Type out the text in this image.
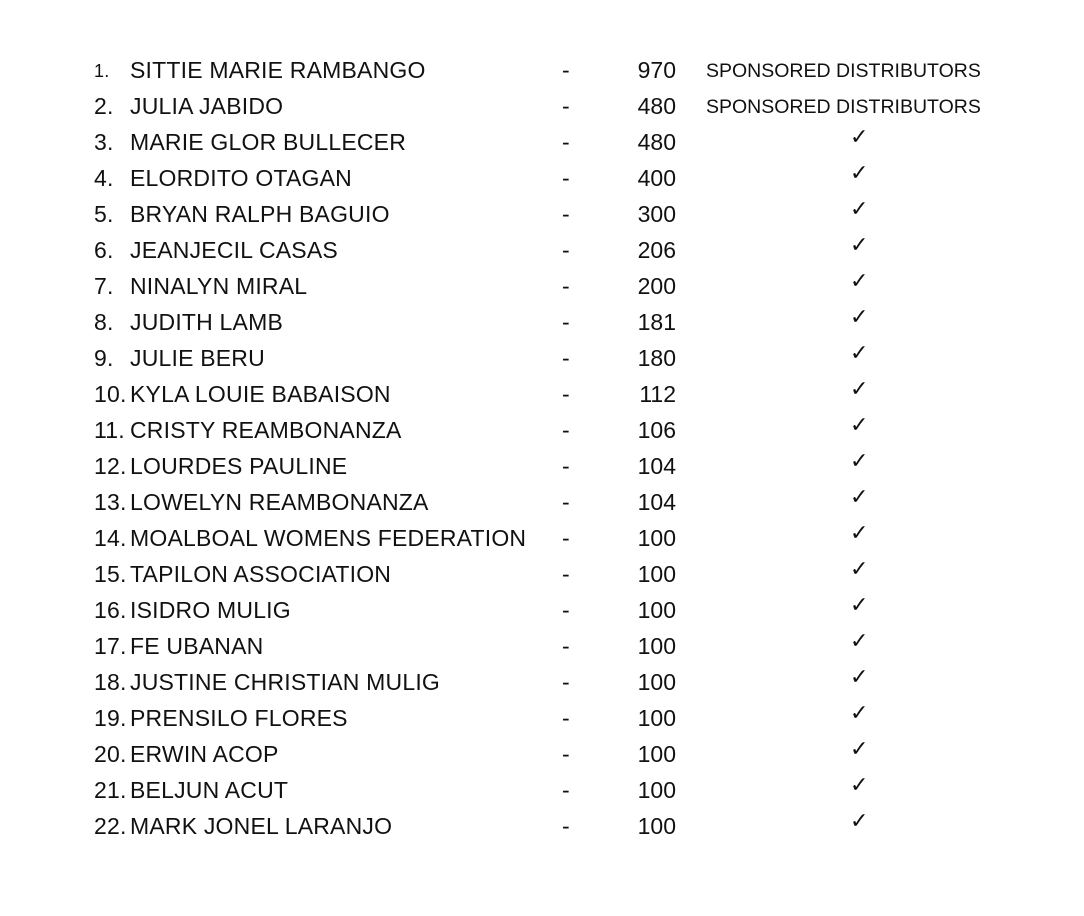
1. SITTIE MARIE RAMBANGO	-	970 SPONSORED DISTRIBUTORS
2. JULIA JABIDO	-	480 SPONSORED DISTRIBUTORS
3. MARIE GLOR BULLECER	-	480	✓
4. ELORDITO OTAGAN	-	400	✓
5. BRYAN RALPH BAGUIO	-	300	✓
6. JEANJECIL CASAS	-	206	✓
7. NINALYN MIRAL	-	200	✓
8. JUDITH LAMB	-	181	✓
9. JULIE BERU	-	180	✓
10. KYLA LOUIE BABAISON	-	112	✓
11. CRISTY REAMBONANZA	-	106	✓
12. LOURDES PAULINE	-	104	✓
13. LOWELYN REAMBONANZA	-	104	✓
14. MOALBOAL WOMENS FEDERATION -	100	✓
15. TAPILON ASSOCIATION	-	100	✓
16. ISIDRO MULIG	-	100	✓
17. FE UBANAN	-	100	✓
18. JUSTINE CHRISTIAN MULIG	-	100	✓
19. PRENSILO FLORES	-	100	✓
20. ERWIN ACOP	-	100	✓
21. BELJUN ACUT	-	100	✓
22. MARK JONEL LARANJO	-	100	✓
